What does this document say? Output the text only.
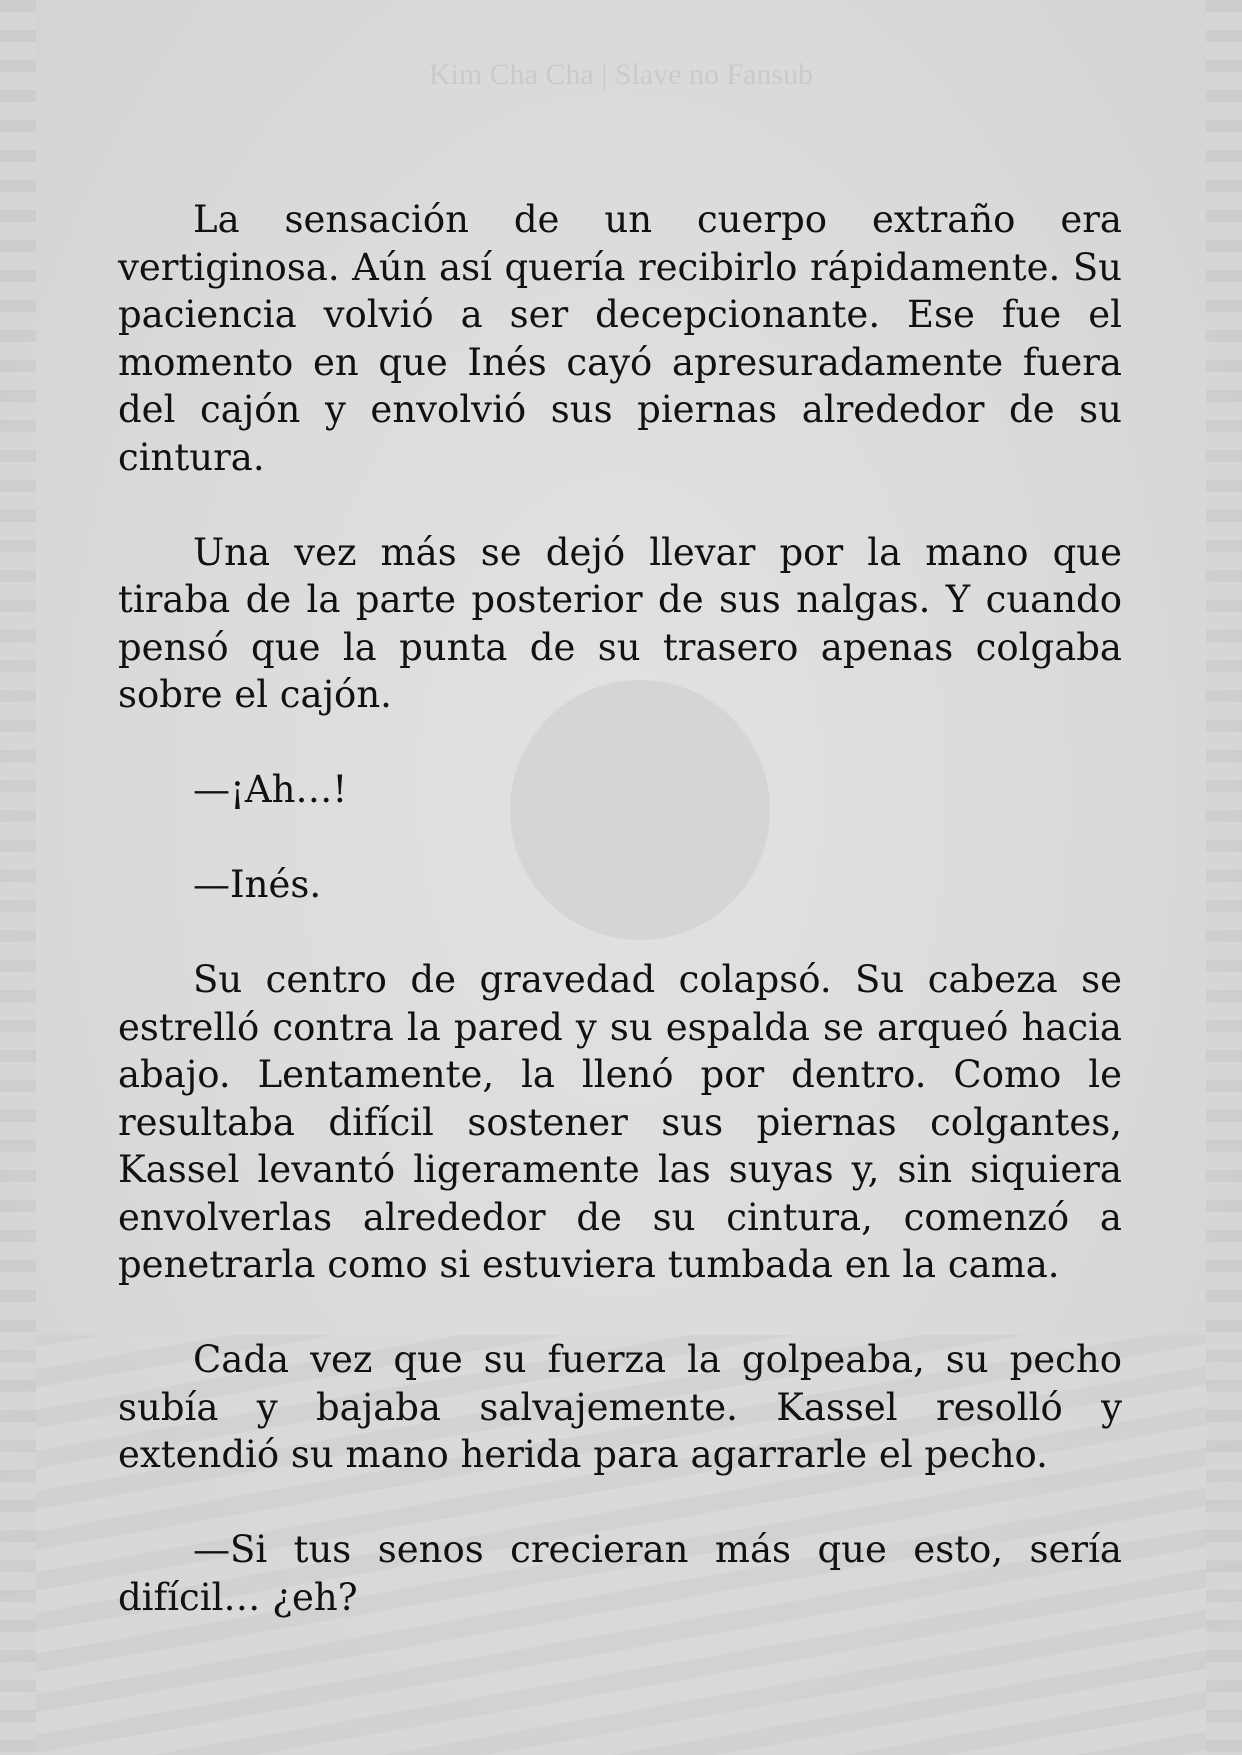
Kim Cha Cha | Slave no Fansub

La sensación de un cuerpo extraño era vertiginosa. Aún así quería recibirlo rápidamente. Su paciencia volvió a ser decepcionante. Ese fue el momento en que Inés cayó apresuradamente fuera del cajón y envolvió sus piernas alrededor de su cintura.

Una vez más se dejó llevar por la mano que tiraba de la parte posterior de sus nalgas. Y cuando pensó que la punta de su trasero apenas colgaba sobre el cajón.

—¡Ah…!

—Inés.

Su centro de gravedad colapsó. Su cabeza se estrelló contra la pared y su espalda se arqueó hacia abajo. Lentamente, la llenó por dentro. Como le resultaba difícil sostener sus piernas colgantes, Kassel levantó ligeramente las suyas y, sin siquiera envolverlas alrededor de su cintura, comenzó a penetrarla como si estuviera tumbada en la cama.

Cada vez que su fuerza la golpeaba, su pecho subía y bajaba salvajemente. Kassel resolló y extendió su mano herida para agarrarle el pecho.

—Si tus senos crecieran más que esto, sería difícil… ¿eh?
